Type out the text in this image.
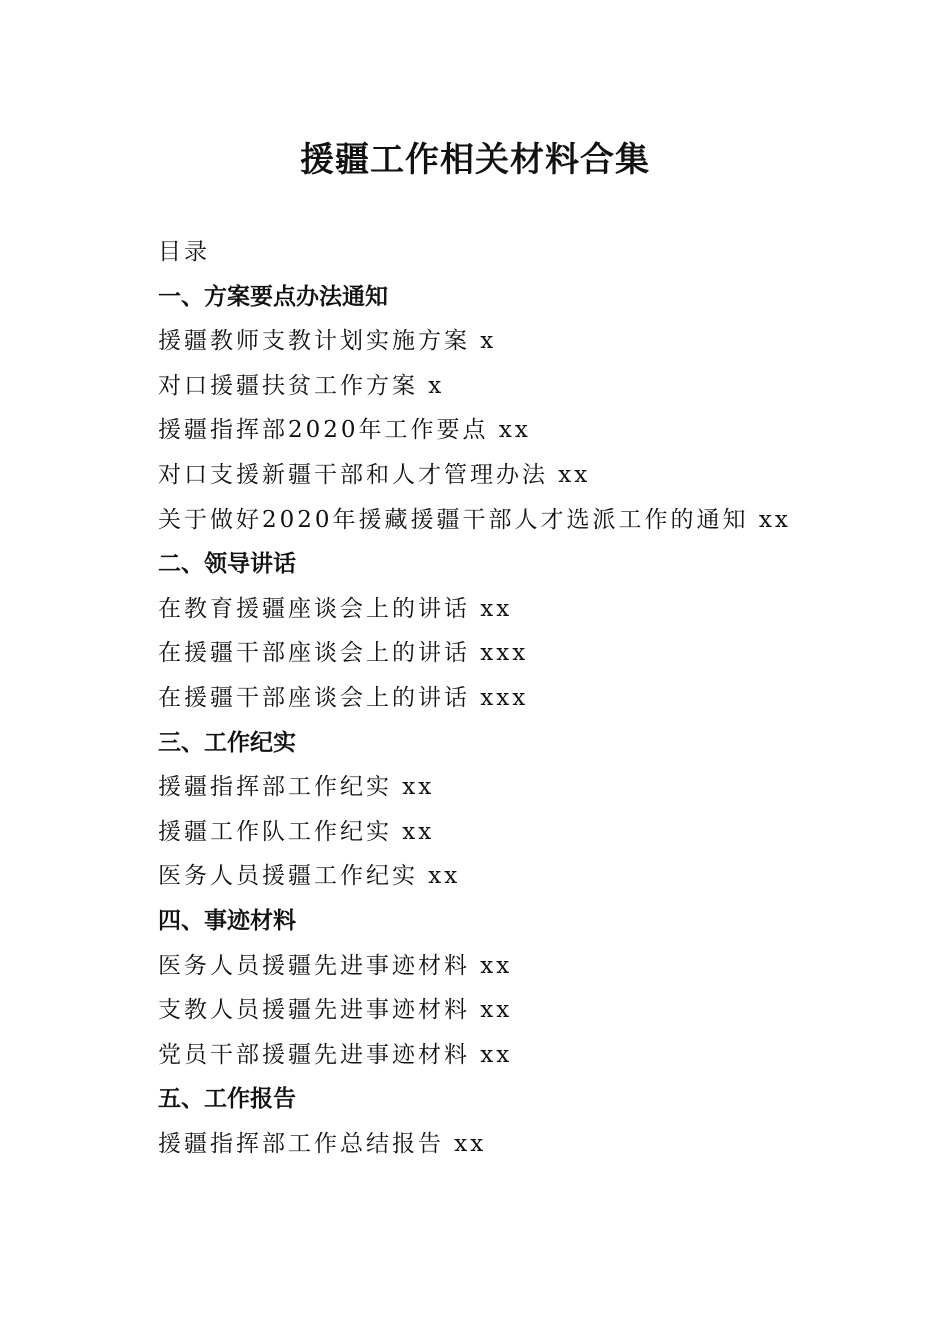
援疆工作相关材料合集
目录
一、方案要点办法通知
援疆教师支教计划实施方案 x
对口援疆扶贫工作方案 x
援疆指挥部2020年工作要点 xx
对口支援新疆干部和人才管理办法 xx
关于做好2020年援藏援疆干部人才选派工作的通知 xx
二、领导讲话
在教育援疆座谈会上的讲话 xx
在援疆干部座谈会上的讲话 xxx
在援疆干部座谈会上的讲话 xxx
三、工作纪实
援疆指挥部工作纪实 xx
援疆工作队工作纪实 xx
医务人员援疆工作纪实 xx
四、事迹材料
医务人员援疆先进事迹材料 xx
支教人员援疆先进事迹材料 xx
党员干部援疆先进事迹材料 xx
五、工作报告
援疆指挥部工作总结报告 xx
